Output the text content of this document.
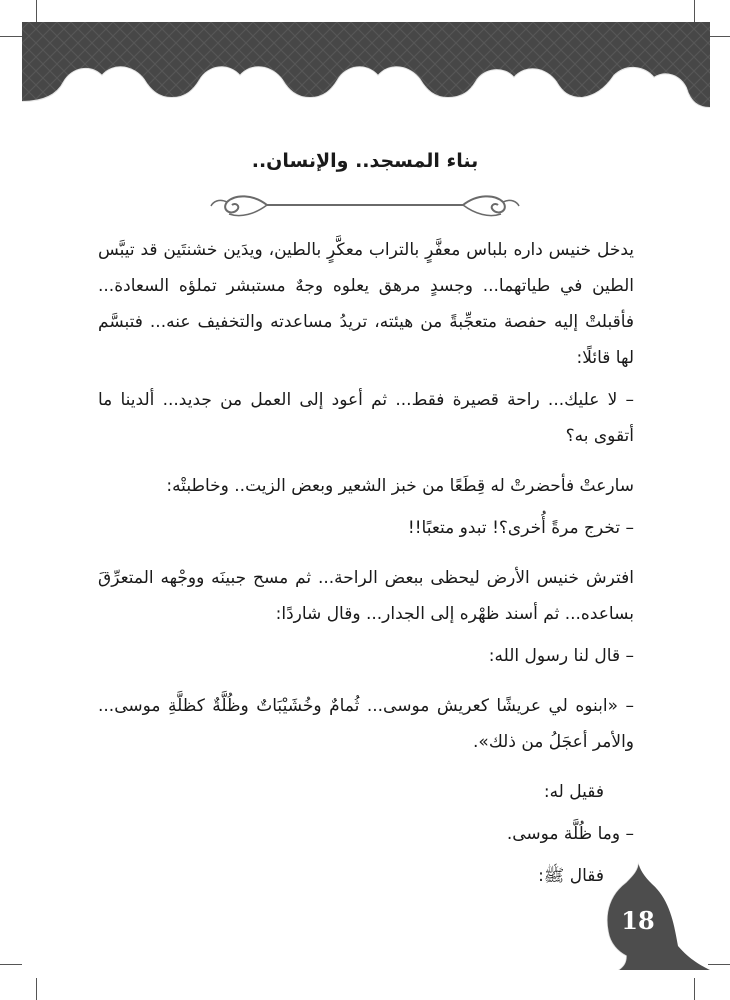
بناء المسجد.. والإنسان..

يدخل خنيس داره بلباس معفَّرٍ بالتراب معكَّرٍ بالطين، ويدَين خشنتَين قد تيبَّس الطين في طياتهما... وجسدٍ مرهق يعلوه وجهٌ مستبشر تملؤه السعادة... فأقبلتْ إليه حفصة متعجِّبةً من هيئته، تريدُ مساعدته والتخفيف عنه... فتبسَّم لها قائلًا:

– لا عليك... راحة قصيرة فقط... ثم أعود إلى العمل من جديد... ألدينا ما أتقوى به؟

سارعتْ فأحضرتْ له قِطَعًا من خبز الشعير وبعض الزيت.. وخاطبتْه:

– تخرج مرةً أُخرى؟! تبدو متعبًا!!

افترش خنيس الأرض ليحظى ببعض الراحة... ثم مسح جبينَه ووجْهه المتعرِّقَ بساعده... ثم أسند ظهْره إلى الجدار... وقال شاردًا:

– قال لنا رسول الله:

– «ابنوه لي عريشًا كعريش موسى... ثُمامٌ وخُشَيْبَاتٌ وظُلَّةٌ كظلَّةِ موسى... والأمر أعجَلُ من ذلك».

فقيل له:

– وما ظُلَّة موسى.

فقال ﷺ:

18
